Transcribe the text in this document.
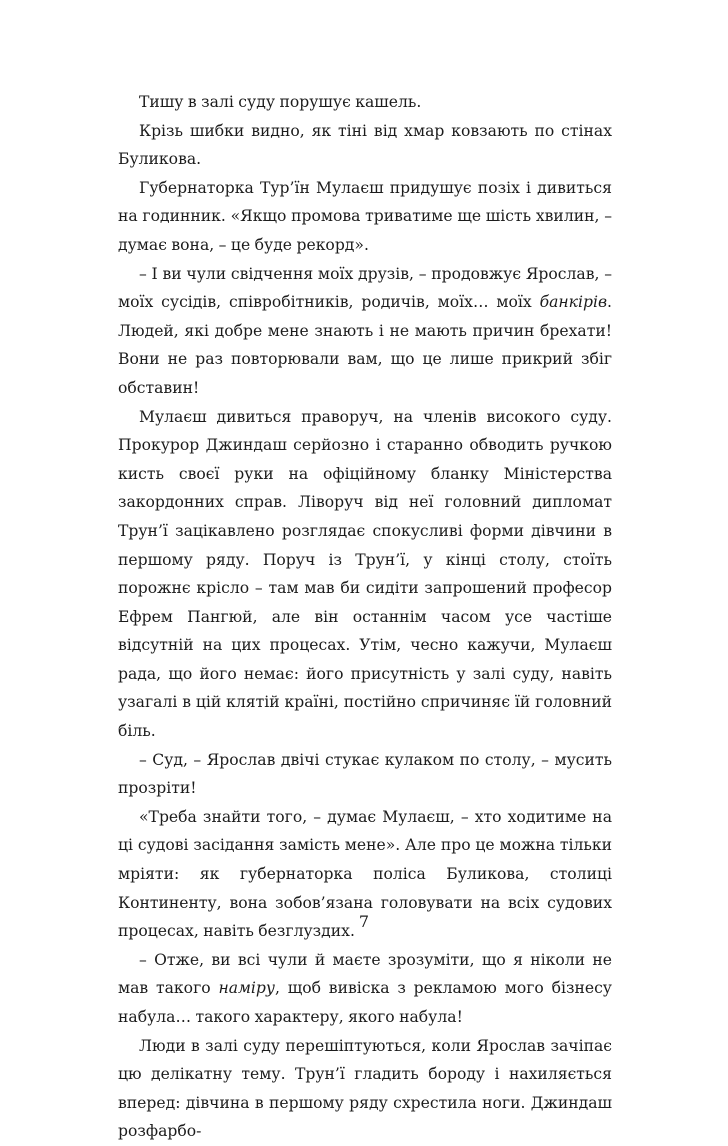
Тишу в залі суду порушує кашель.

Крізь шибки видно, як тіні від хмар ковзають по стінах Буликова.

Губернаторка Тур’їн Мулаєш придушує позіх і дивиться на годинник. «Якщо промова триватиме ще шість хвилин, – думає вона, – це буде рекорд».

– І ви чули свідчення моїх друзів, – продовжує Ярослав, – моїх сусідів, співробітників, родичів, моїх… моїх банкірів. Людей, які добре мене знають і не мають причин брехати! Вони не раз повторювали вам, що це лише прикрий збіг обставин!

Мулаєш дивиться праворуч, на членів високого суду. Прокурор Джиндаш серйозно і старанно обводить ручкою кисть своєї руки на офіційному бланку Міністерства закордонних справ. Ліворуч від неї головний дипломат Трун’ї зацікавлено розглядає спокусливі форми дівчини в першому ряду. Поруч із Трун’ї, у кінці столу, стоїть порожнє крісло – там мав би сидіти запрошений професор Ефрем Пангюй, але він останнім часом усе частіше відсутній на цих процесах. Утім, чесно кажучи, Мулаєш рада, що його немає: його присутність у залі суду, навіть узагалі в цій клятій країні, постійно спричиняє їй головний біль.

– Суд, – Ярослав двічі стукає кулаком по столу, – мусить прозріти!

«Треба знайти того, – думає Мулаєш, – хто ходитиме на ці судові засідання замість мене». Але про це можна тільки мріяти: як губернаторка поліса Буликова, столиці Континенту, вона зобов’язана головувати на всіх судових процесах, навіть безглуздих.

– Отже, ви всі чули й маєте зрозуміти, що я ніколи не мав такого наміру, щоб вивіска з рекламою мого бізнесу набула… такого характеру, якого набула!

Люди в залі суду перешіптуються, коли Ярослав зачіпає цю делікатну тему. Трун’ї гладить бороду і нахиляється вперед: дівчина в першому ряду схрестила ноги. Джиндаш розфарбо-

7
